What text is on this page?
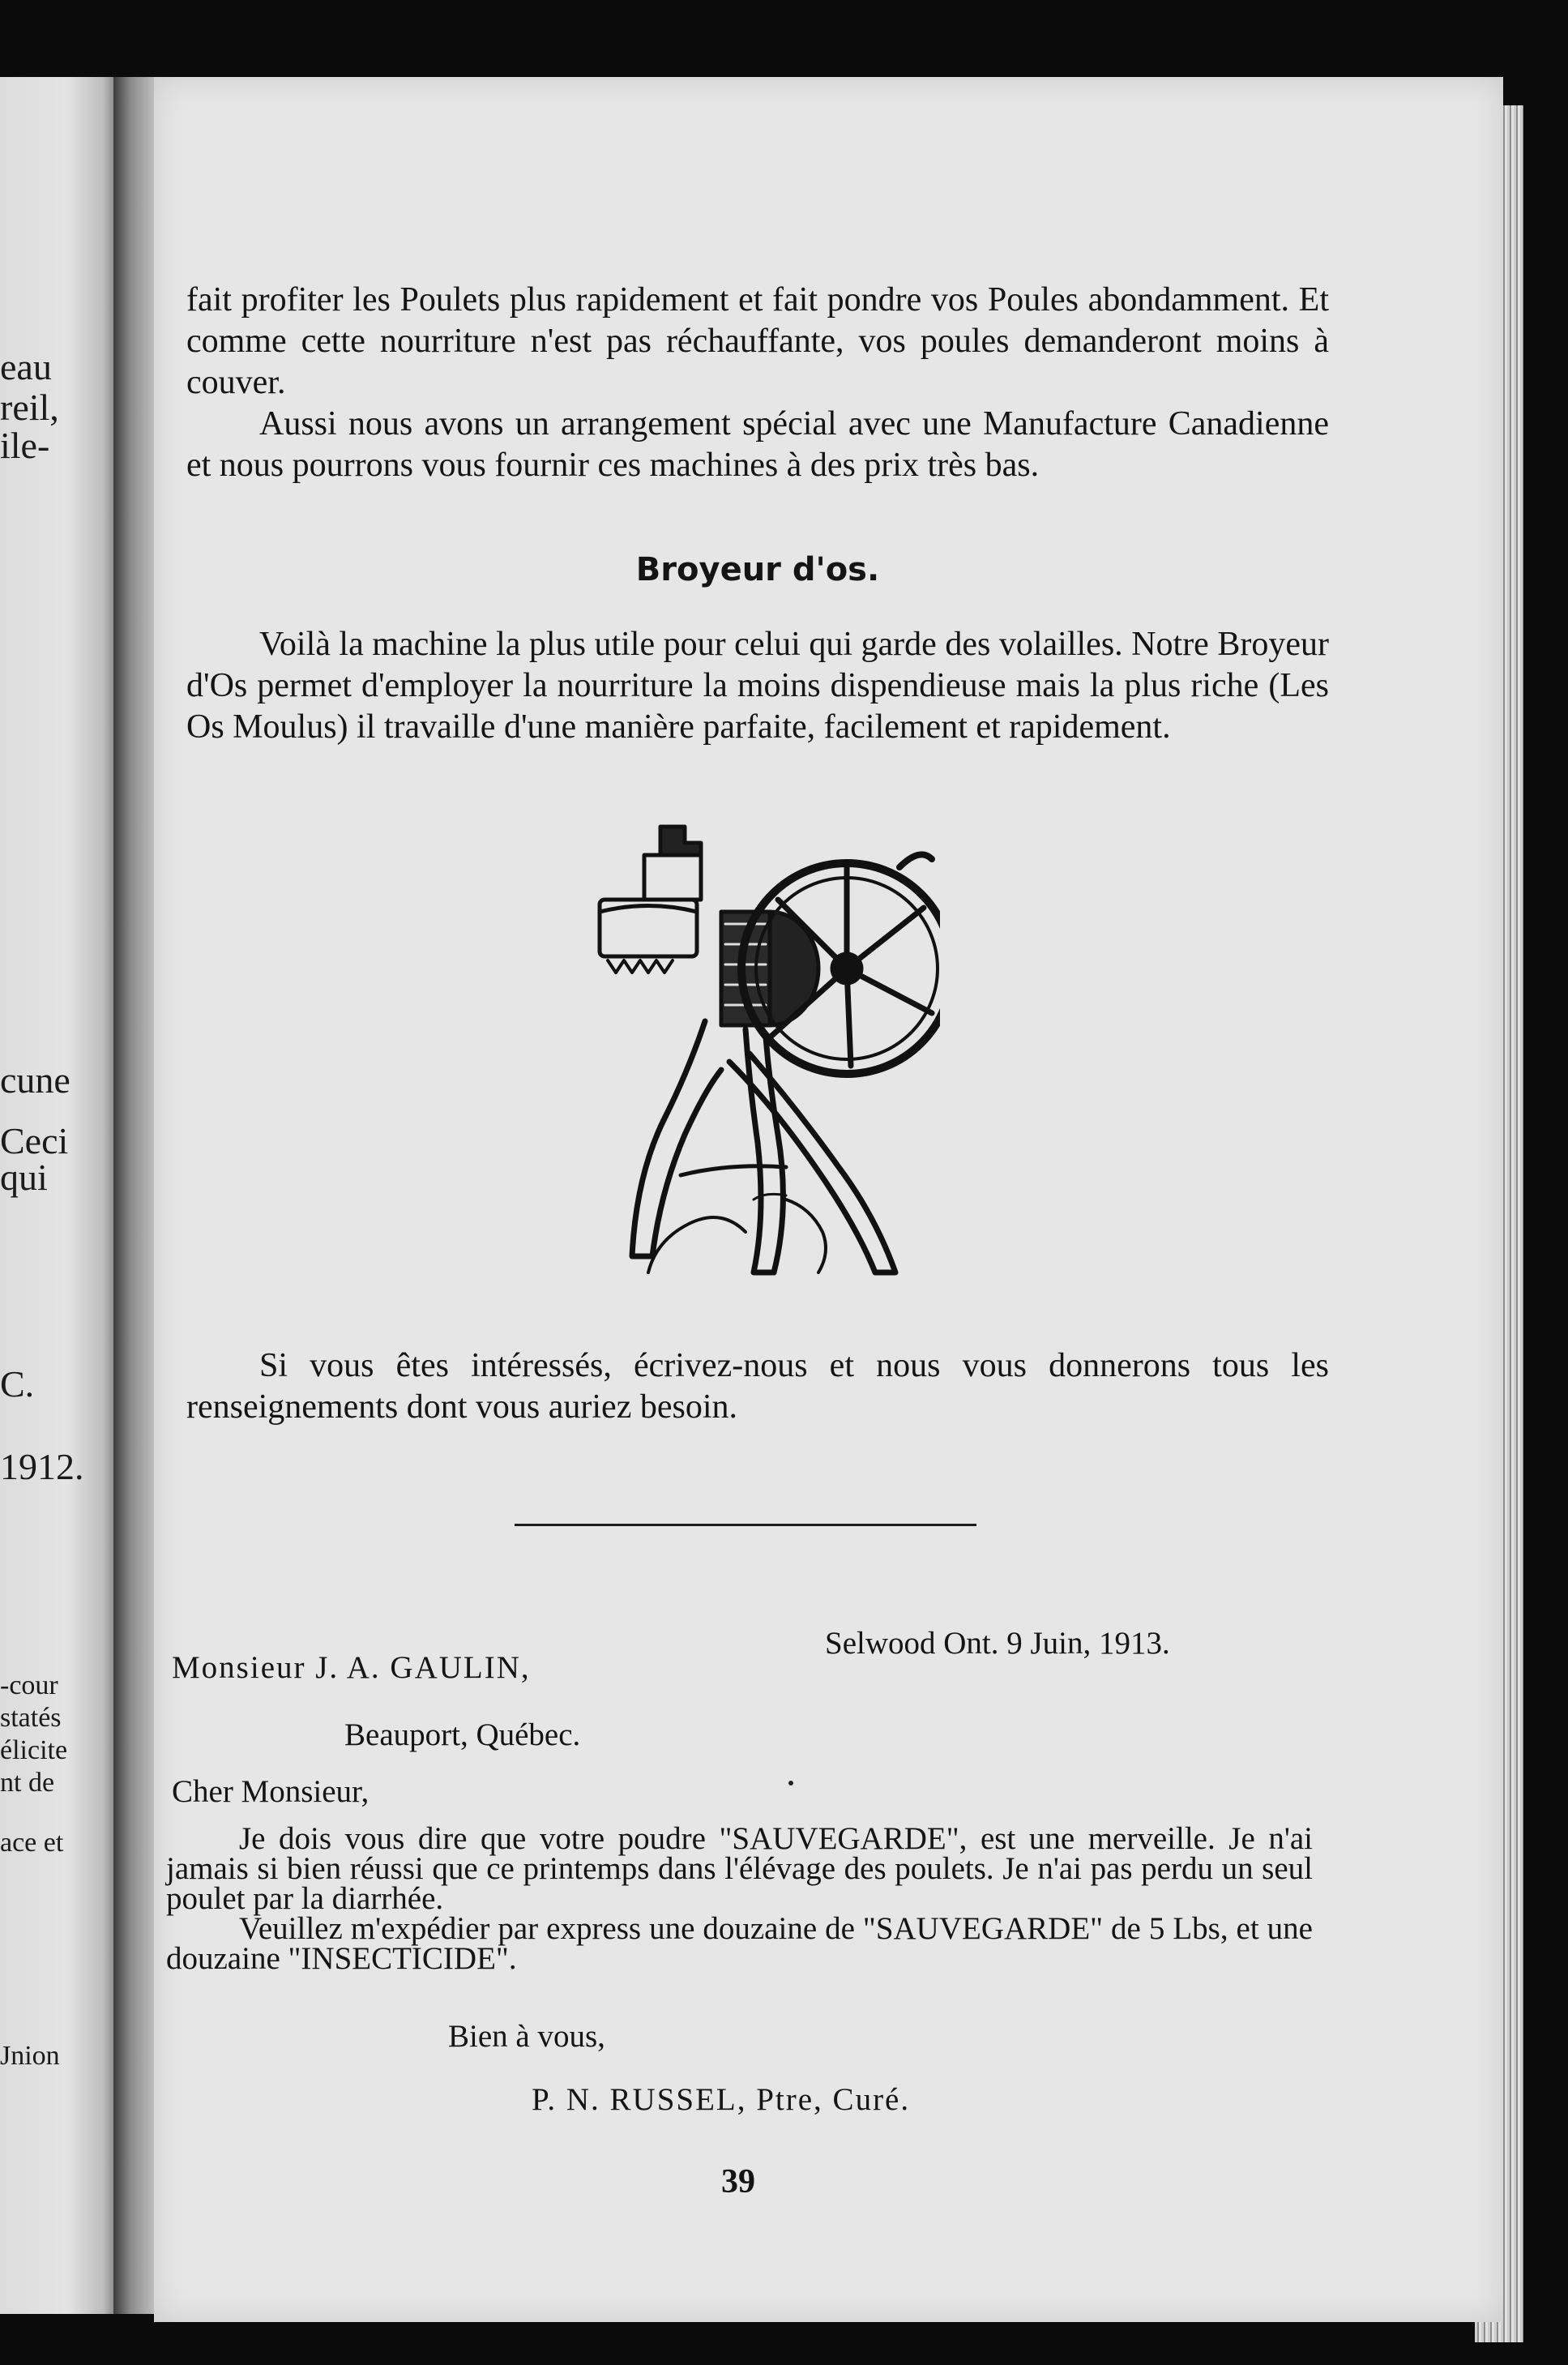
eau
reil,
ile-
cune
Ceci
qui
C.
1912.
-cour
statés
élicite
nt de
ace et
Jnion

fait profiter les Poulets plus rapidement et fait pondre vos Poules abondamment. Et comme cette nourriture n'est pas réchauffante, vos poules demanderont moins à couver.

Aussi nous avons un arrangement spécial avec une Manufacture Canadienne et nous pourrons vous fournir ces machines à des prix très bas.

Broyeur d'os.

Voilà la machine la plus utile pour celui qui garde des volailles. Notre Broyeur d'Os permet d'employer la nourriture la moins dispendieuse mais la plus riche (Les Os Moulus) il travaille d'une manière parfaite, facilement et rapidement.

Si vous êtes intéressés, écrivez-nous et nous vous donnerons tous les renseignements dont vous auriez besoin.

Selwood Ont. 9 Juin, 1913.
Monsieur J. A. GAULIN,
Beauport, Québec.
Cher Monsieur,

Je dois vous dire que votre poudre "SAUVEGARDE", est une merveille. Je n'ai jamais si bien réussi que ce printemps dans l'élévage des poulets. Je n'ai pas perdu un seul poulet par la diarrhée.

Veuillez m'expédier par express une douzaine de "SAUVEGARDE" de 5 Lbs, et une douzaine "INSECTICIDE".

Bien à vous,
P. N. RUSSEL, Ptre, Curé.
39
